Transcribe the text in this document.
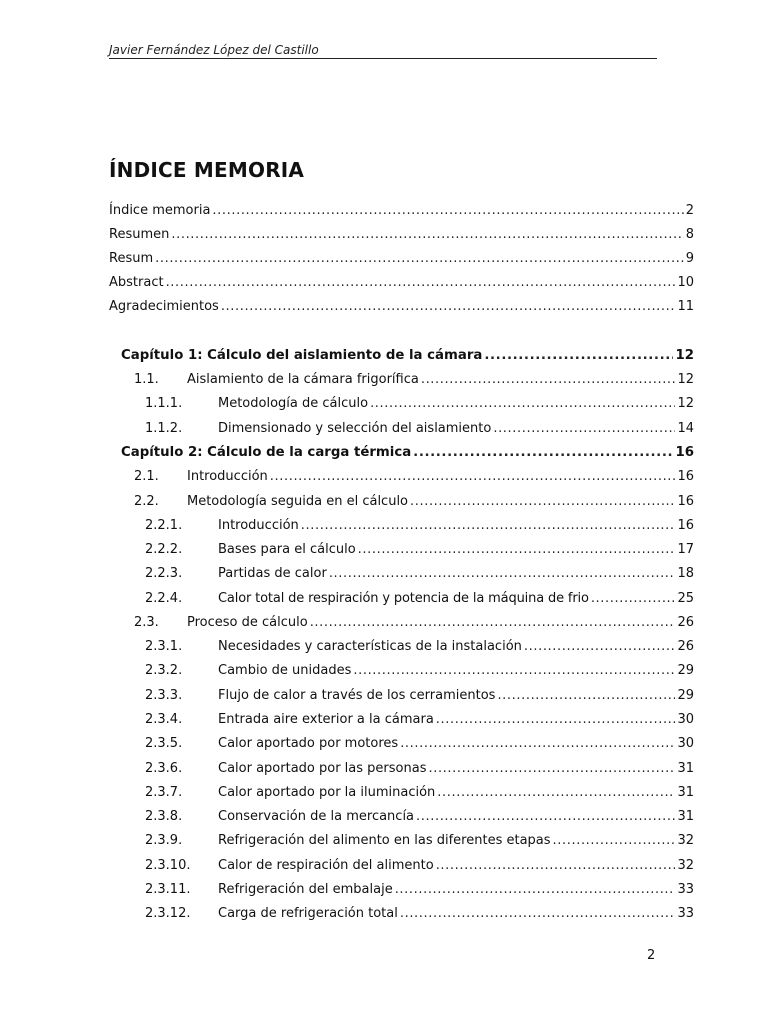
Javier Fernández López del Castillo
ÍNDICE MEMORIA
Índice memoria .....	2
Resumen .....	8
Resum .....	9
Abstract .....	10
Agradecimientos .....	11
Capítulo 1: Cálculo del aislamiento de la cámara .....	12
1.1.	Aislamiento de la cámara frigorífica .....	12
1.1.1.	Metodología de cálculo .....	12
1.1.2.	Dimensionado y selección del aislamiento .....	14
Capítulo 2: Cálculo de la carga térmica .....	16
2.1.	Introducción .....	16
2.2.	Metodología seguida en el cálculo .....	16
2.2.1.	Introducción .....	16
2.2.2.	Bases para el cálculo .....	17
2.2.3.	Partidas de calor .....	18
2.2.4.	Calor total de respiración y potencia de la máquina de frio .....	25
2.3.	Proceso de cálculo .....	26
2.3.1.	Necesidades y características de la instalación .....	26
2.3.2.	Cambio de unidades .....	29
2.3.3.	Flujo de calor a través de los cerramientos .....	29
2.3.4.	Entrada aire exterior a la cámara .....	30
2.3.5.	Calor aportado por motores .....	30
2.3.6.	Calor aportado por las personas .....	31
2.3.7.	Calor aportado por la iluminación .....	31
2.3.8.	Conservación de la mercancía .....	31
2.3.9.	Refrigeración del alimento en las diferentes etapas .....	32
2.3.10.	Calor de respiración del alimento .....	32
2.3.11.	Refrigeración del embalaje .....	33
2.3.12.	Carga de refrigeración total .....	33
2
